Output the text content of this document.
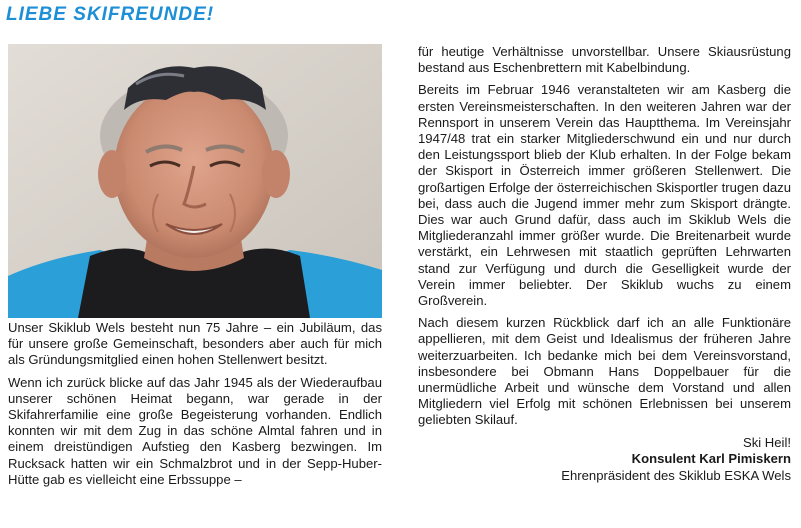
LIEBE SKIFREUNDE!

Unser Skiklub Wels besteht nun 75 Jahre – ein Jubiläum, das für unsere große Gemeinschaft, besonders aber auch für mich als Gründungsmitglied einen hohen Stellenwert besitzt.

Wenn ich zurück blicke auf das Jahr 1945 als der Wiederaufbau unserer schönen Heimat begann, war gerade in der Skifahrerfamilie eine große Begeisterung vorhanden. Endlich konnten wir mit dem Zug in das schöne Almtal fahren und in einem dreistündigen Aufstieg den Kasberg bezwingen. Im Rucksack hatten wir ein Schmalzbrot und in der Sepp-Huber-Hütte gab es vielleicht eine Erbssuppe –

für heutige Verhältnisse unvorstellbar. Unsere Skiausrüstung bestand aus Eschenbrettern mit Kabelbindung.

Bereits im Februar 1946 veranstalteten wir am Kasberg die ersten Vereinsmeisterschaften. In den weiteren Jahren war der Rennsport in unserem Verein das Hauptthema. Im Vereinsjahr 1947/48 trat ein starker Mitgliederschwund ein und nur durch den Leistungssport blieb der Klub erhalten. In der Folge bekam der Skisport in Österreich immer größeren Stellenwert. Die großartigen Erfolge der österreichischen Skisportler trugen dazu bei, dass auch die Jugend immer mehr zum Skisport drängte. Dies war auch Grund dafür, dass auch im Skiklub Wels die Mitgliederanzahl immer größer wurde. Die Breitenarbeit wurde verstärkt, ein Lehrwesen mit staatlich geprüften Lehrwarten stand zur Verfügung und durch die Geselligkeit wurde der Verein immer beliebter. Der Skiklub wuchs zu einem Großverein.

Nach diesem kurzen Rückblick darf ich an alle Funktionäre appellieren, mit dem Geist und Idealismus der früheren Jahre weiterzuarbeiten. Ich bedanke mich bei dem Vereinsvorstand, insbesondere bei Obmann Hans Doppelbauer für die unermüdliche Arbeit und wünsche dem Vorstand und allen Mitgliedern viel Erfolg mit schönen Erlebnissen bei unserem geliebten Skilauf.

Ski Heil!
Konsulent Karl Pimiskern
Ehrenpräsident des Skiklub ESKA Wels
